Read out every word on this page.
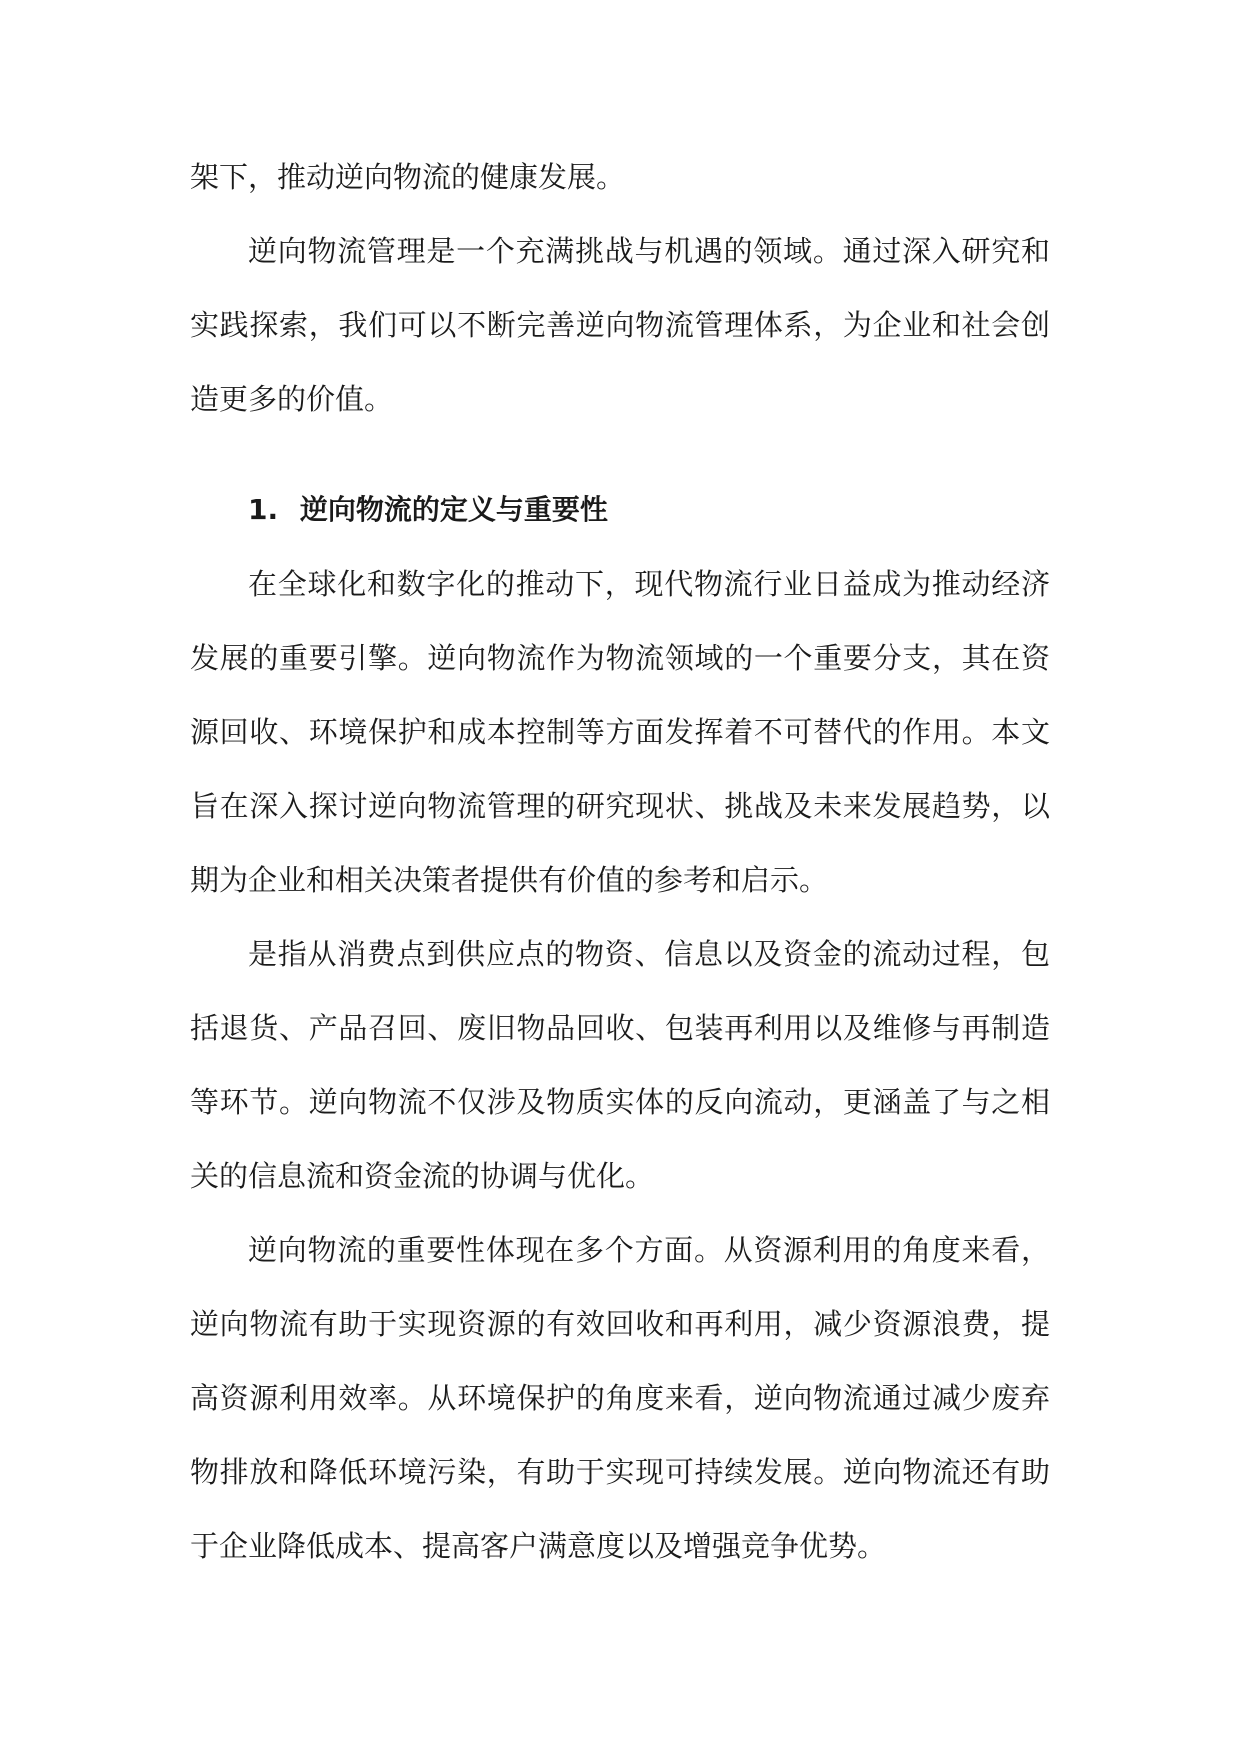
架下，推动逆向物流的健康发展。

逆向物流管理是一个充满挑战与机遇的领域。通过深入研究和实践探索，我们可以不断完善逆向物流管理体系，为企业和社会创造更多的价值。

1. 逆向物流的定义与重要性

在全球化和数字化的推动下，现代物流行业日益成为推动经济发展的重要引擎。逆向物流作为物流领域的一个重要分支，其在资源回收、环境保护和成本控制等方面发挥着不可替代的作用。本文旨在深入探讨逆向物流管理的研究现状、挑战及未来发展趋势，以期为企业和相关决策者提供有价值的参考和启示。

是指从消费点到供应点的物资、信息以及资金的流动过程，包括退货、产品召回、废旧物品回收、包装再利用以及维修与再制造等环节。逆向物流不仅涉及物质实体的反向流动，更涵盖了与之相关的信息流和资金流的协调与优化。

逆向物流的重要性体现在多个方面。从资源利用的角度来看，逆向物流有助于实现资源的有效回收和再利用，减少资源浪费，提高资源利用效率。从环境保护的角度来看，逆向物流通过减少废弃物排放和降低环境污染，有助于实现可持续发展。逆向物流还有助于企业降低成本、提高客户满意度以及增强竞争优势。
